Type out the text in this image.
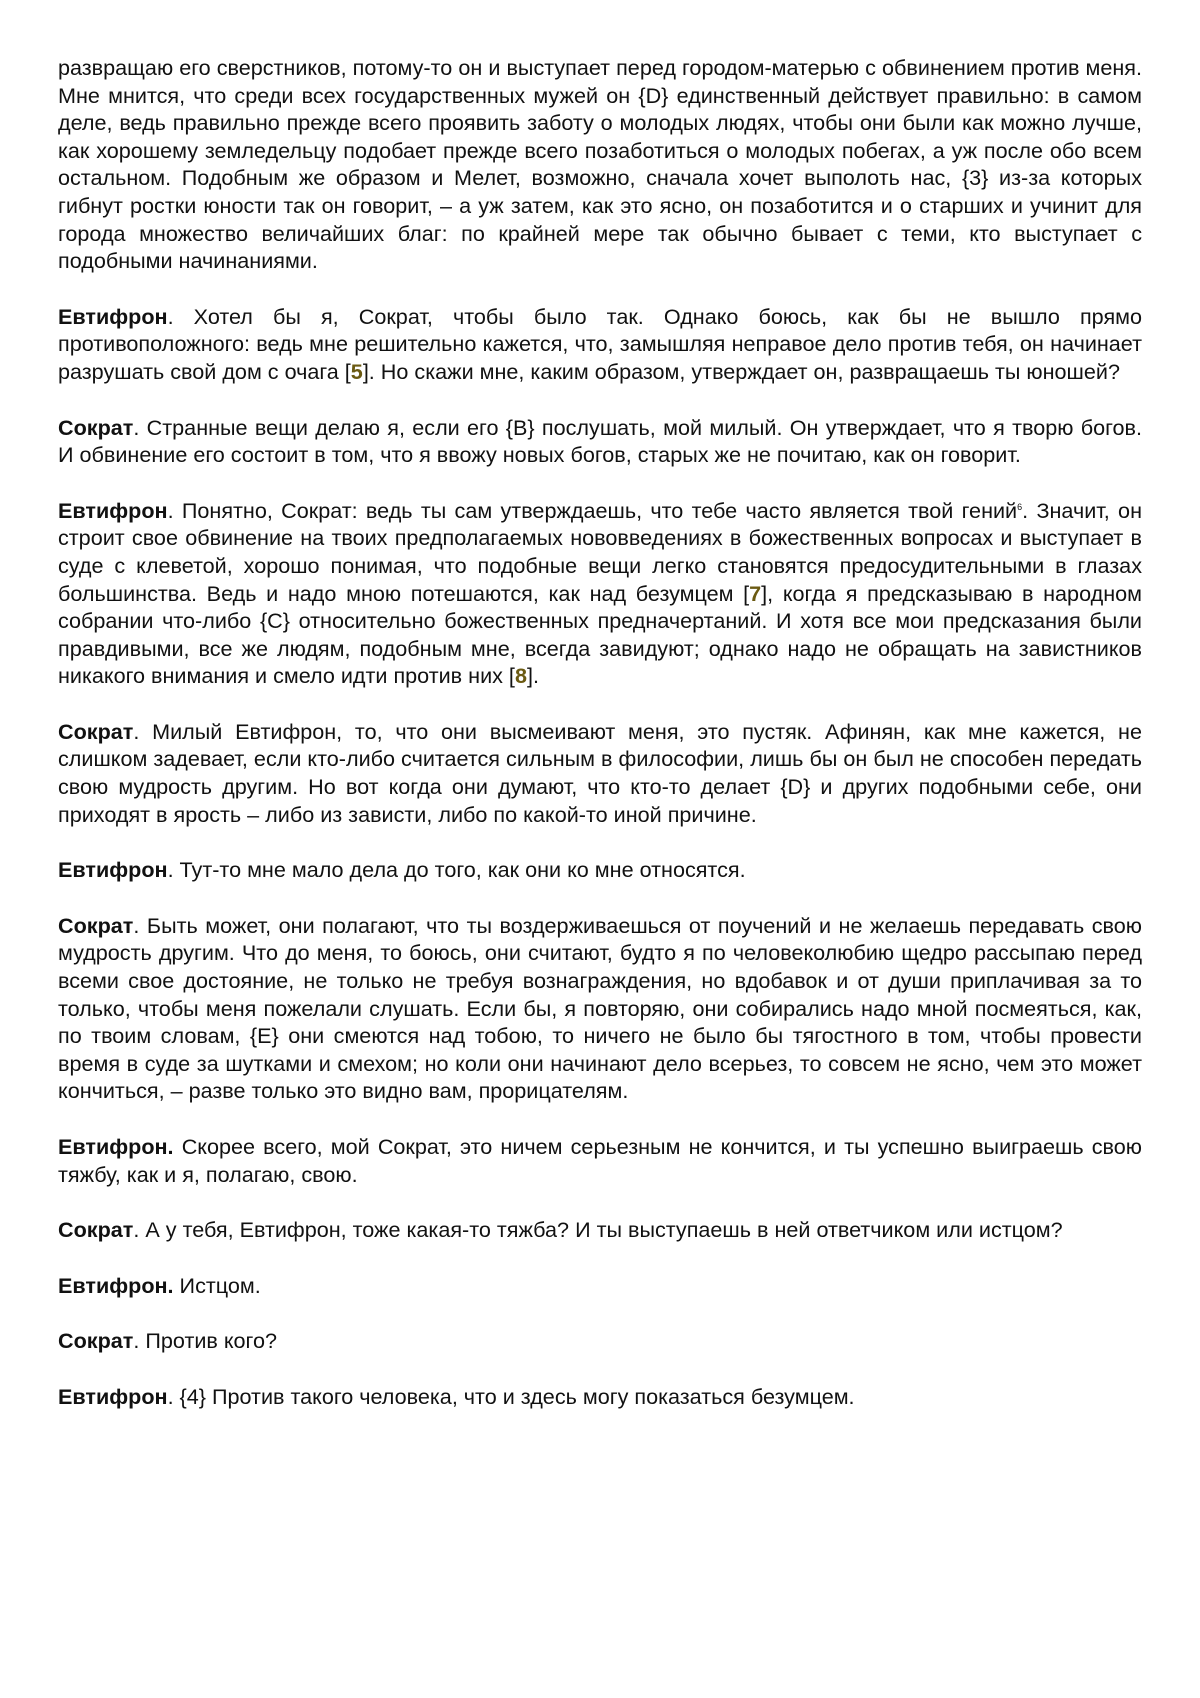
развращаю его сверстников, потому-то он и выступает перед городом-матерью с обвинением против меня. Мне мнится, что среди всех государственных мужей он {D} единственный действует правильно: в самом деле, ведь правильно прежде всего проявить заботу о молодых людях, чтобы они были как можно лучше, как хорошему земледельцу подобает прежде всего позаботиться о молодых побегах, а уж после обо всем остальном. Подобным же образом и Мелет, возможно, сначала хочет выполоть нас, {3} из-за которых гибнут ростки юности так он говорит, – а уж затем, как это ясно, он позаботится и о старших и учинит для города множество величайших благ: по крайней мере так обычно бывает с теми, кто выступает с подобными начинаниями.

Евтифрон. Хотел бы я, Сократ, чтобы было так. Однако боюсь, как бы не вышло прямо противоположного: ведь мне решительно кажется, что, замышляя неправое дело против тебя, он начинает разрушать свой дом с очага [5]. Но скажи мне, каким образом, утверждает он, развращаешь ты юношей?

Сократ. Странные вещи делаю я, если его {B} послушать, мой милый. Он утверждает, что я творю богов. И обвинение его состоит в том, что я ввожу новых богов, старых же не почитаю, как он говорит.

Евтифрон. Понятно, Сократ: ведь ты сам утверждаешь, что тебе часто является твой гений$^6$. Значит, он строит свое обвинение на твоих предполагаемых нововведениях в божественных вопросах и выступает в суде с клеветой, хорошо понимая, что подобные вещи легко становятся предосудительными в глазах большинства. Ведь и надо мною потешаются, как над безумцем [7], когда я предсказываю в народном собрании что-либо {C} относительно божественных предначертаний. И хотя все мои предсказания были правдивыми, все же людям, подобным мне, всегда завидуют; однако надо не обращать на завистников никакого внимания и смело идти против них [8].

Сократ. Милый Евтифрон, то, что они высмеивают меня, это пустяк. Афинян, как мне кажется, не слишком задевает, если кто-либо считается сильным в философии, лишь бы он был не способен передать свою мудрость другим. Но вот когда они думают, что кто-то делает {D} и других подобными себе, они приходят в ярость – либо из зависти, либо по какой-то иной причине.

Евтифрон. Тут-то мне мало дела до того, как они ко мне относятся.

Сократ. Быть может, они полагают, что ты воздерживаешься от поучений и не желаешь передавать свою мудрость другим. Что до меня, то боюсь, они считают, будто я по человеколюбию щедро рассыпаю перед всеми свое достояние, не только не требуя вознаграждения, но вдобавок и от души приплачивая за то только, чтобы меня пожелали слушать. Если бы, я повторяю, они собирались надо мной посмеяться, как, по твоим словам, {E} они смеются над тобою, то ничего не было бы тягостного в том, чтобы провести время в суде за шутками и смехом; но коли они начинают дело всерьез, то совсем не ясно, чем это может кончиться, – разве только это видно вам, прорицателям.

Евтифрон. Скорее всего, мой Сократ, это ничем серьезным не кончится, и ты успешно выиграешь свою тяжбу, как и я, полагаю, свою.

Сократ. А у тебя, Евтифрон, тоже какая-то тяжба? И ты выступаешь в ней ответчиком или истцом?

Евтифрон. Истцом.

Сократ. Против кого?

Евтифрон. {4} Против такого человека, что и здесь могу показаться безумцем.
